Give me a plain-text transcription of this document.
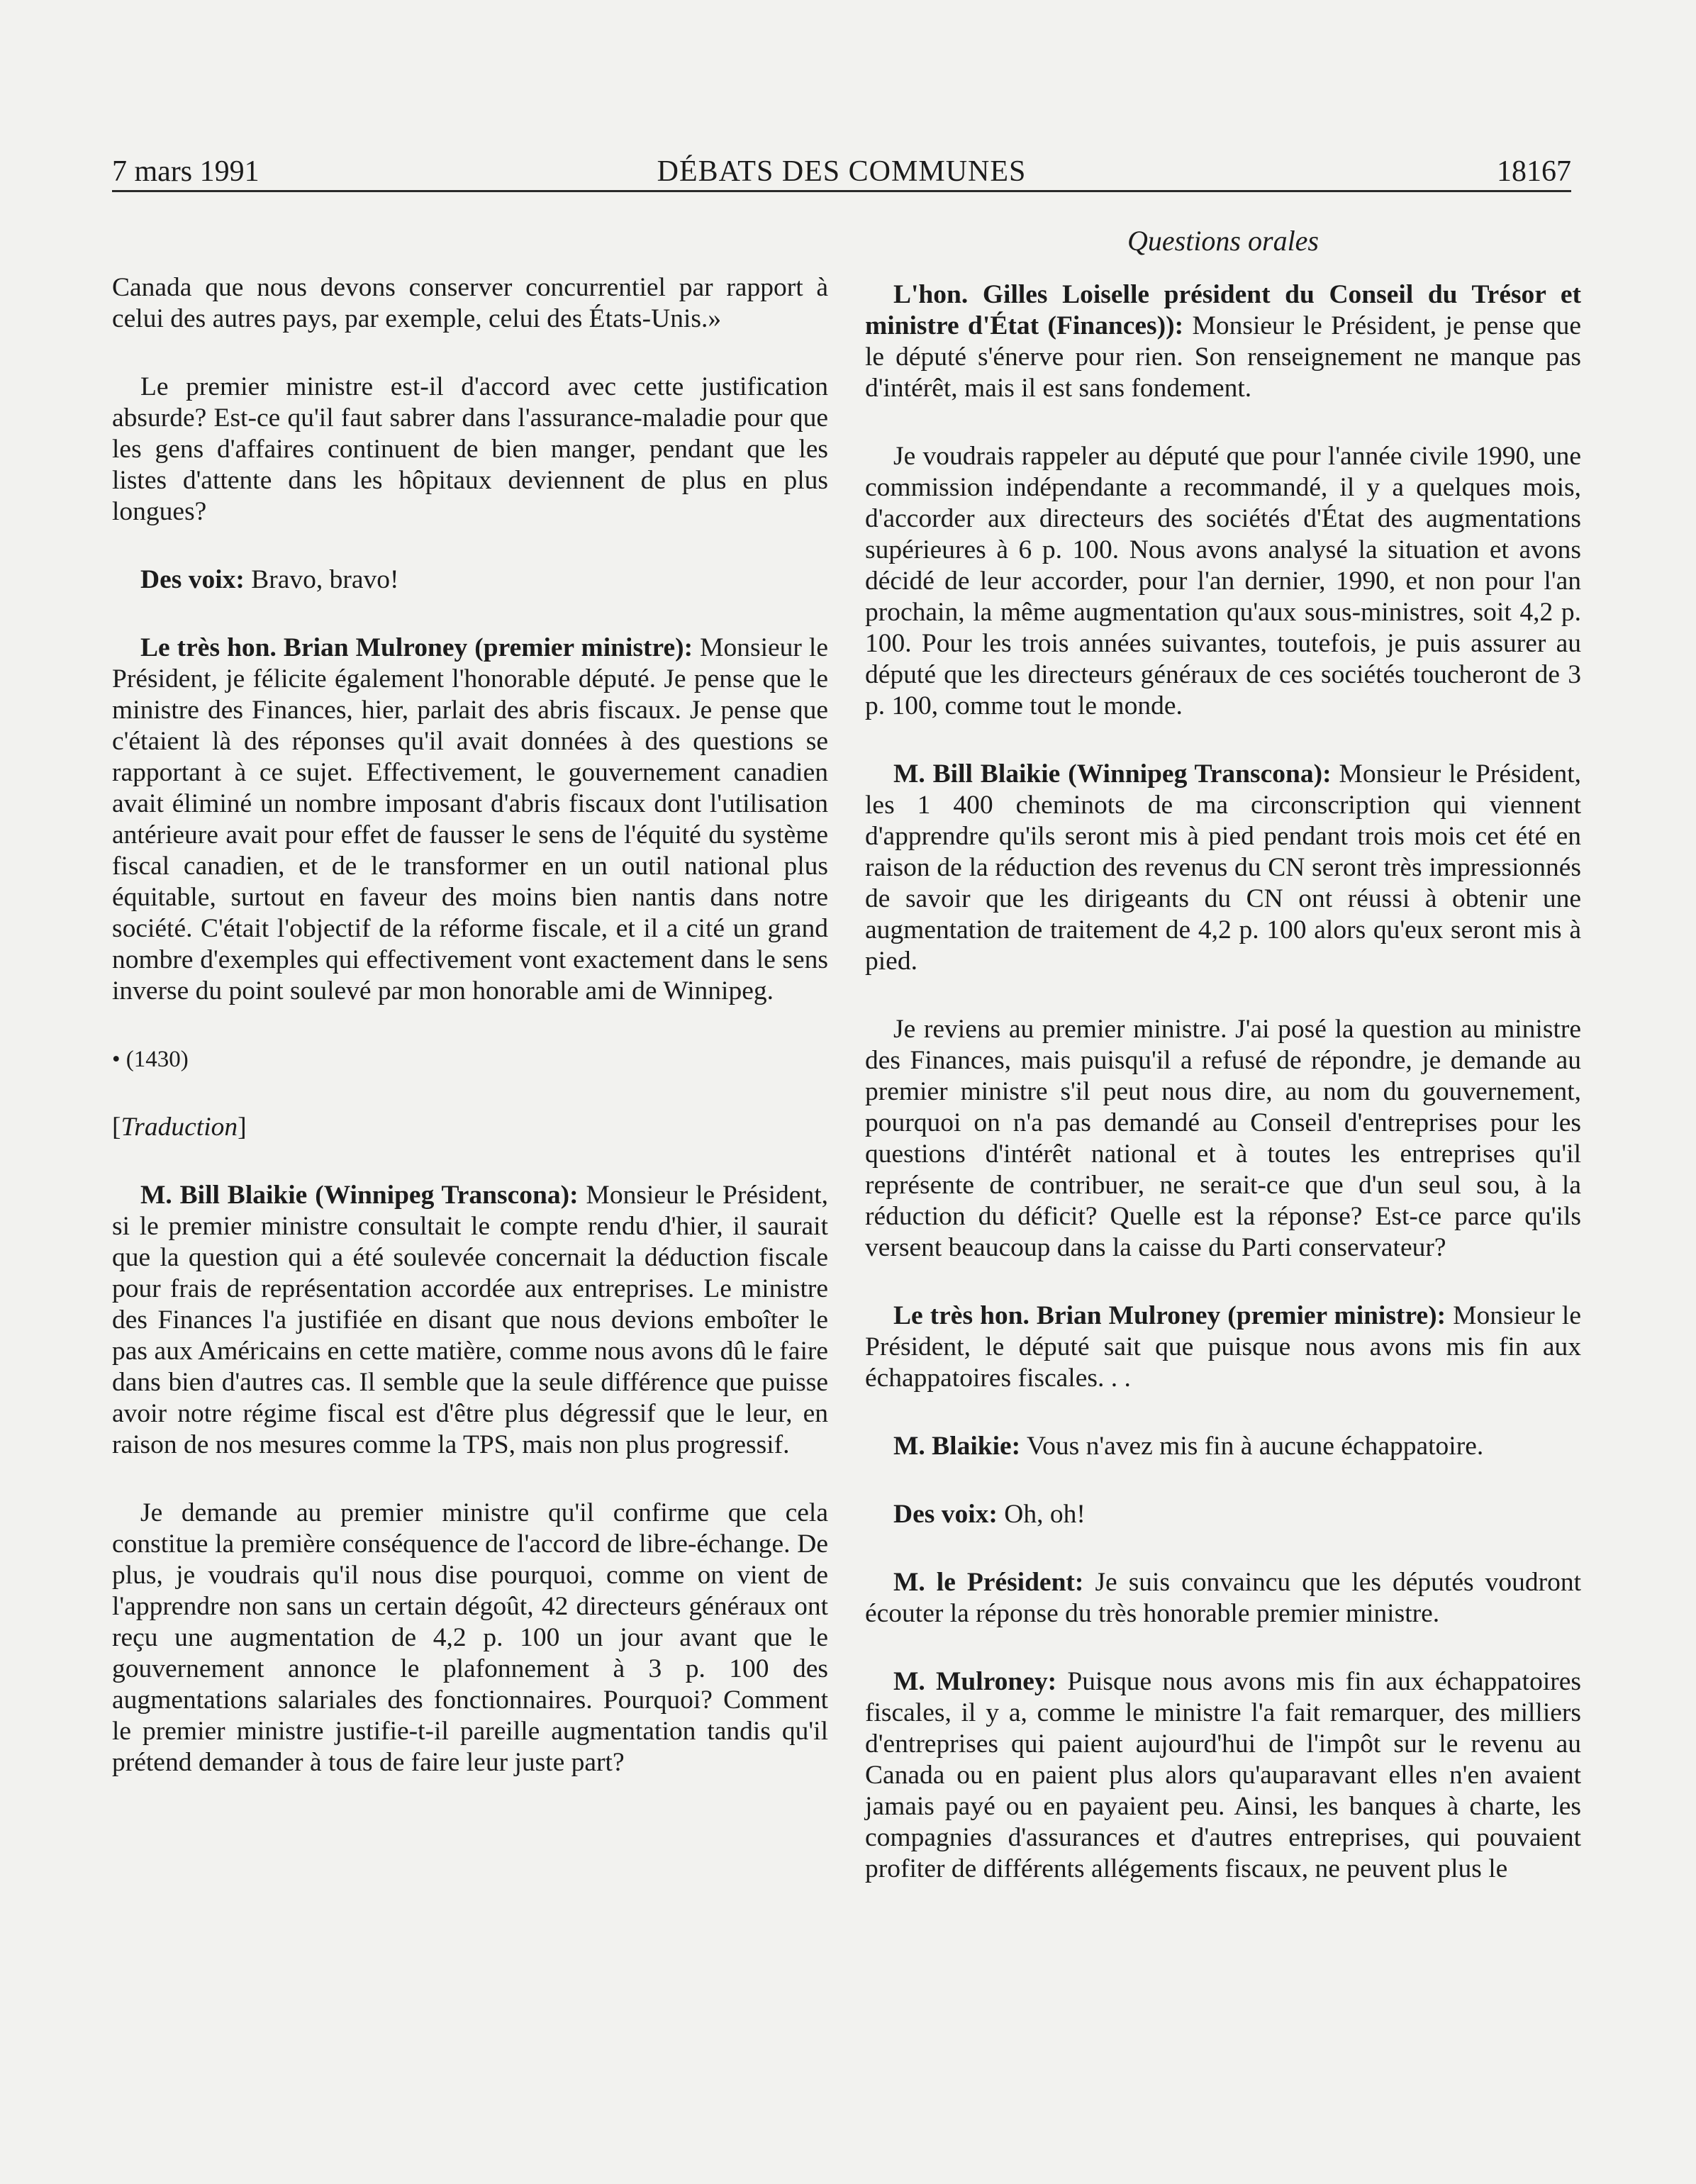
7 mars 1991	DÉBATS DES COMMUNES	18167
Questions orales

Canada que nous devons conserver concurrentiel par rapport à celui des autres pays, par exemple, celui des États-Unis.»

Le premier ministre est-il d'accord avec cette justification absurde? Est-ce qu'il faut sabrer dans l'assurance-maladie pour que les gens d'affaires continuent de bien manger, pendant que les listes d'attente dans les hôpitaux deviennent de plus en plus longues?

Des voix: Bravo, bravo!

Le très hon. Brian Mulroney (premier ministre): Monsieur le Président, je félicite également l'honorable député. Je pense que le ministre des Finances, hier, parlait des abris fiscaux. Je pense que c'étaient là des réponses qu'il avait données à des questions se rapportant à ce sujet. Effectivement, le gouvernement canadien avait éliminé un nombre imposant d'abris fiscaux dont l'utilisation antérieure avait pour effet de fausser le sens de l'équité du système fiscal canadien, et de le transformer en un outil national plus équitable, surtout en faveur des moins bien nantis dans notre société. C'était l'objectif de la réforme fiscale, et il a cité un grand nombre d'exemples qui effectivement vont exactement dans le sens inverse du point soulevé par mon honorable ami de Winnipeg.

• (1430)
[Traduction]

M. Bill Blaikie (Winnipeg Transcona): Monsieur le Président, si le premier ministre consultait le compte rendu d'hier, il saurait que la question qui a été soulevée concernait la déduction fiscale pour frais de représentation accordée aux entreprises. Le ministre des Finances l'a justifiée en disant que nous devions emboîter le pas aux Américains en cette matière, comme nous avons dû le faire dans bien d'autres cas. Il semble que la seule différence que puisse avoir notre régime fiscal est d'être plus dégressif que le leur, en raison de nos mesures comme la TPS, mais non plus progressif.

Je demande au premier ministre qu'il confirme que cela constitue la première conséquence de l'accord de libre-échange. De plus, je voudrais qu'il nous dise pourquoi, comme on vient de l'apprendre non sans un certain dégoût, 42 directeurs généraux ont reçu une augmentation de 4,2 p. 100 un jour avant que le gouvernement annonce le plafonnement à 3 p. 100 des augmentations salariales des fonctionnaires. Pourquoi? Comment le premier ministre justifie-t-il pareille augmentation tandis qu'il prétend demander à tous de faire leur juste part?

L'hon. Gilles Loiselle président du Conseil du Trésor et ministre d'État (Finances)): Monsieur le Président, je pense que le député s'énerve pour rien. Son renseignement ne manque pas d'intérêt, mais il est sans fondement.

Je voudrais rappeler au député que pour l'année civile 1990, une commission indépendante a recommandé, il y a quelques mois, d'accorder aux directeurs des sociétés d'État des augmentations supérieures à 6 p. 100. Nous avons analysé la situation et avons décidé de leur accorder, pour l'an dernier, 1990, et non pour l'an prochain, la même augmentation qu'aux sous-ministres, soit 4,2 p. 100. Pour les trois années suivantes, toutefois, je puis assurer au député que les directeurs généraux de ces sociétés toucheront de 3 p. 100, comme tout le monde.

M. Bill Blaikie (Winnipeg Transcona): Monsieur le Président, les 1 400 cheminots de ma circonscription qui viennent d'apprendre qu'ils seront mis à pied pendant trois mois cet été en raison de la réduction des revenus du CN seront très impressionnés de savoir que les dirigeants du CN ont réussi à obtenir une augmentation de traitement de 4,2 p. 100 alors qu'eux seront mis à pied.

Je reviens au premier ministre. J'ai posé la question au ministre des Finances, mais puisqu'il a refusé de répondre, je demande au premier ministre s'il peut nous dire, au nom du gouvernement, pourquoi on n'a pas demandé au Conseil d'entreprises pour les questions d'intérêt national et à toutes les entreprises qu'il représente de contribuer, ne serait-ce que d'un seul sou, à la réduction du déficit? Quelle est la réponse? Est-ce parce qu'ils versent beaucoup dans la caisse du Parti conservateur?

Le très hon. Brian Mulroney (premier ministre): Monsieur le Président, le député sait que puisque nous avons mis fin aux échappatoires fiscales. . .

M. Blaikie: Vous n'avez mis fin à aucune échappatoire.

Des voix: Oh, oh!

M. le Président: Je suis convaincu que les députés voudront écouter la réponse du très honorable premier ministre.

M. Mulroney: Puisque nous avons mis fin aux échappatoires fiscales, il y a, comme le ministre l'a fait remarquer, des milliers d'entreprises qui paient aujourd'hui de l'impôt sur le revenu au Canada ou en paient plus alors qu'auparavant elles n'en avaient jamais payé ou en payaient peu. Ainsi, les banques à charte, les compagnies d'assurances et d'autres entreprises, qui pouvaient profiter de différents allégements fiscaux, ne peuvent plus le
